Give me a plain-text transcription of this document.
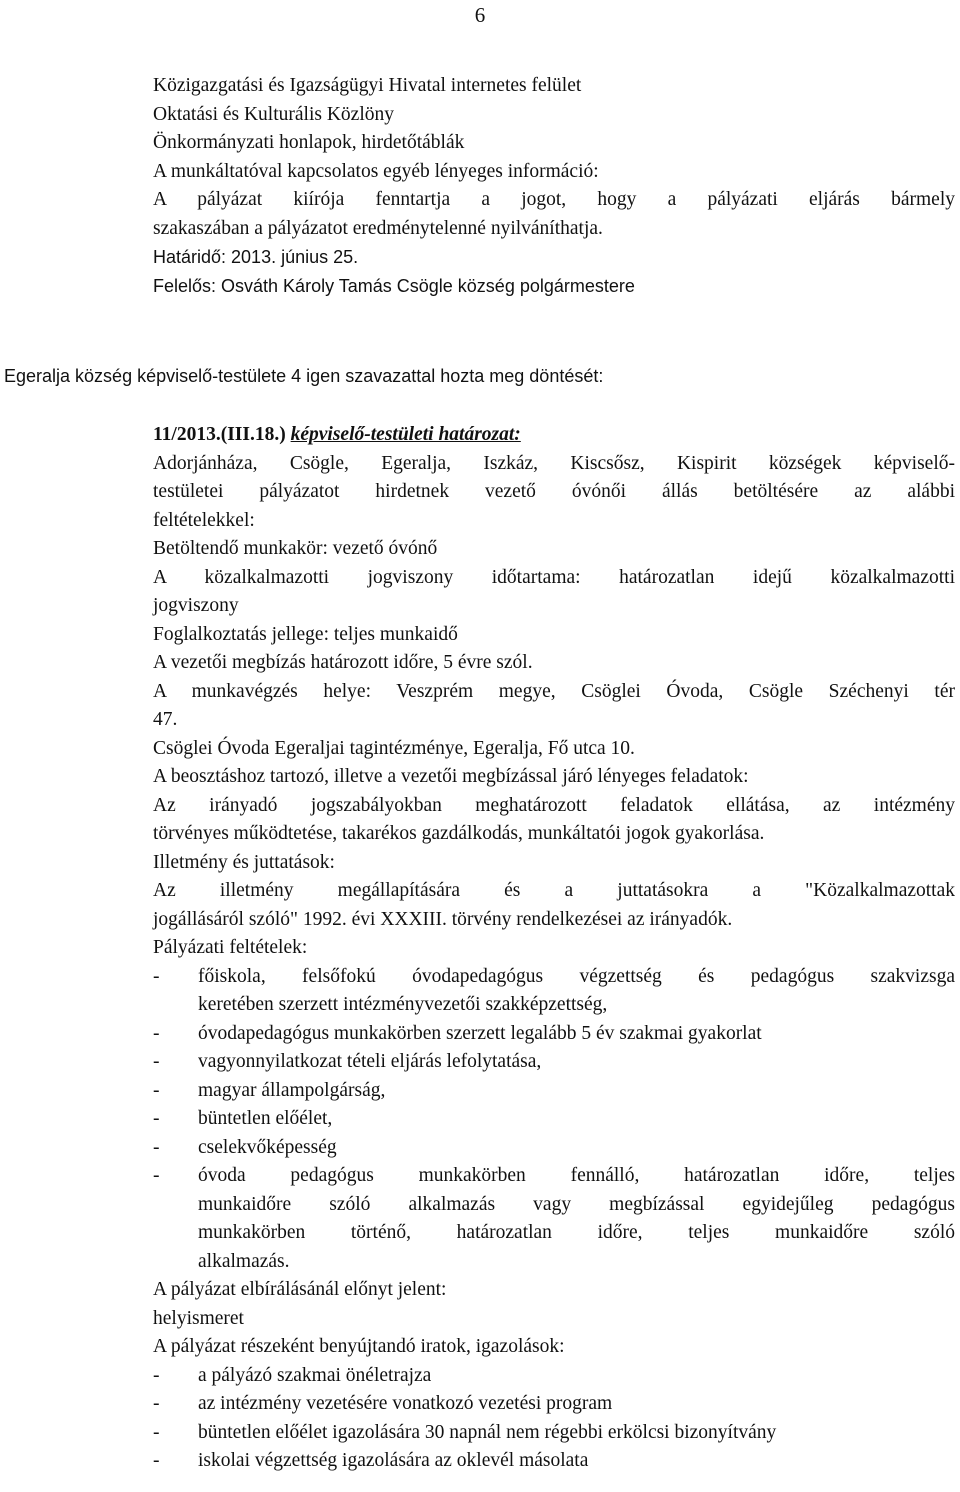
6
Közigazgatási és Igazságügyi Hivatal internetes felület
Oktatási és Kulturális Közlöny
Önkormányzati honlapok, hirdetőtáblák
A munkáltatóval kapcsolatos egyéb lényeges információ:
A pályázat kiírója fenntartja a jogot, hogy a pályázati eljárás bármely
szakaszában a pályázatot eredménytelenné nyilváníthatja.
Határidő: 2013. június 25.
Felelős: Osváth Károly Tamás Csögle község polgármestere
Egeralja község képviselő-testülete 4 igen szavazattal hozta meg döntését:
11/2013.(III.18.) képviselő-testületi határozat:
Adorjánháza, Csögle, Egeralja, Iszkáz, Kiscsősz, Kispirit községek képviselő-
testületei pályázatot hirdetnek vezető óvónői állás betöltésére az alábbi
feltételekkel:
Betöltendő munkakör: vezető óvónő
A közalkalmazotti jogviszony időtartama: határozatlan idejű közalkalmazotti
jogviszony
Foglalkoztatás jellege: teljes munkaidő
A vezetői megbízás határozott időre, 5 évre szól.
A munkavégzés helye: Veszprém megye, Csöglei Óvoda, Csögle Széchenyi tér
47.
Csöglei Óvoda Egeraljai tagintézménye, Egeralja, Fő utca 10.
A beosztáshoz tartozó, illetve a vezetői megbízással járó lényeges feladatok:
Az irányadó jogszabályokban meghatározott feladatok ellátása, az intézmény
törvényes működtetése, takarékos gazdálkodás, munkáltatói jogok gyakorlása.
Illetmény és juttatások:
Az illetmény megállapítására és a juttatásokra a "Közalkalmazottak
jogállásáról szóló" 1992. évi XXXIII. törvény rendelkezései az irányadók.
Pályázati feltételek:
-	főiskola, felsőfokú óvodapedagógus végzettség és pedagógus szakvizsga
keretében szerzett intézményvezetői szakképzettség,
-	óvodapedagógus munkakörben szerzett legalább 5 év szakmai gyakorlat
-	vagyonnyilatkozat tételi eljárás lefolytatása,
-	magyar állampolgárság,
-	büntetlen előélet,
-	cselekvőképesség
-	óvoda pedagógus munkakörben fennálló, határozatlan időre, teljes
munkaidőre szóló alkalmazás vagy megbízással egyidejűleg pedagógus
munkakörben történő, határozatlan időre, teljes munkaidőre szóló
alkalmazás.
A pályázat elbírálásánál előnyt jelent:
helyismeret
A pályázat részeként benyújtandó iratok, igazolások:
-	a pályázó szakmai önéletrajza
-	az intézmény vezetésére vonatkozó vezetési program
-	büntetlen előélet igazolására 30 napnál nem régebbi erkölcsi bizonyítvány
-	iskolai végzettség igazolására az oklevél másolata
